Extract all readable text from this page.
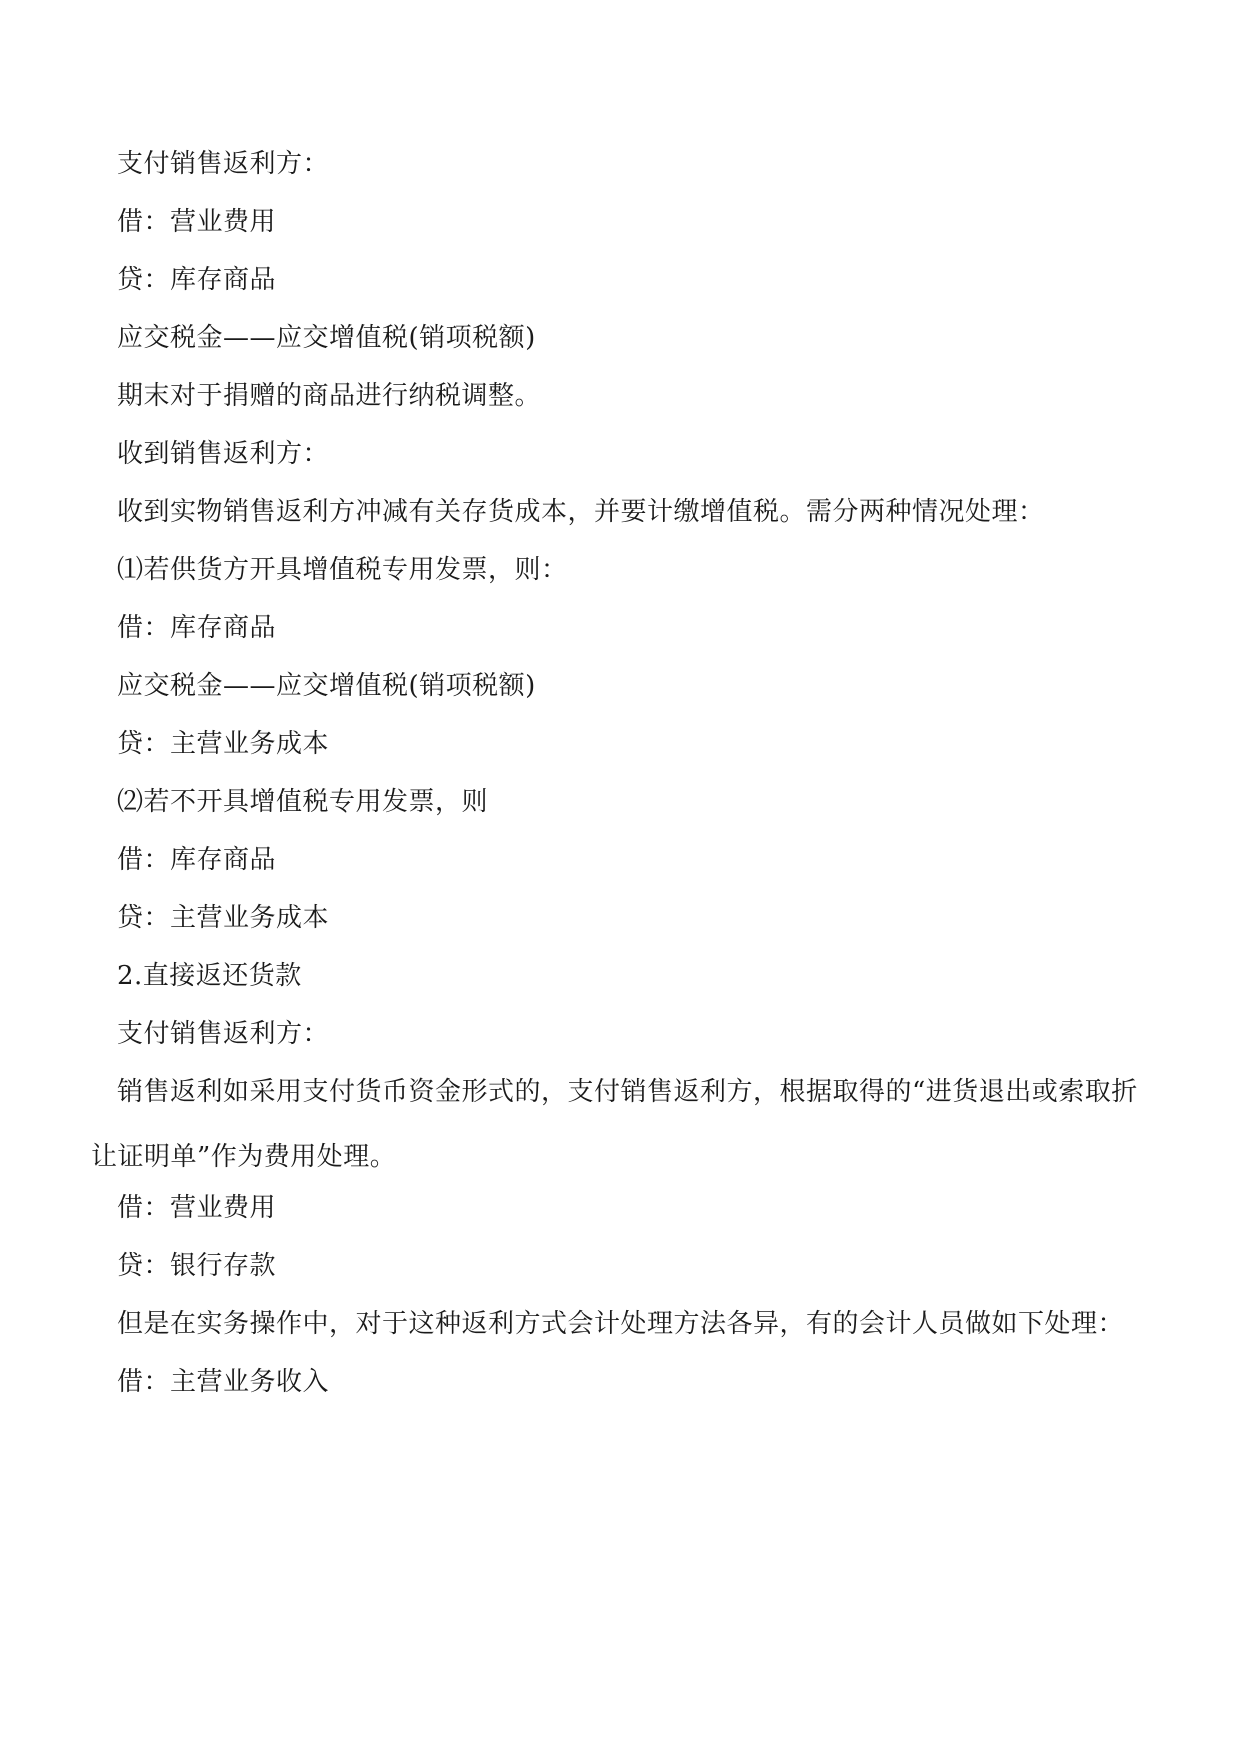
支付销售返利方：

借：营业费用

贷：库存商品

应交税金——应交增值税(销项税额)

期末对于捐赠的商品进行纳税调整。

收到销售返利方：

收到实物销售返利方冲减有关存货成本，并要计缴增值税。需分两种情况处理：

⑴若供货方开具增值税专用发票，则：

借：库存商品

应交税金——应交增值税(销项税额)

贷：主营业务成本

⑵若不开具增值税专用发票，则

借：库存商品

贷：主营业务成本

2.直接返还货款

支付销售返利方：

销售返利如采用支付货币资金形式的，支付销售返利方，根据取得的“进货退出或索取折让证明单”作为费用处理。

借：营业费用

贷：银行存款

但是在实务操作中，对于这种返利方式会计处理方法各异，有的会计人员做如下处理：

借：主营业务收入
